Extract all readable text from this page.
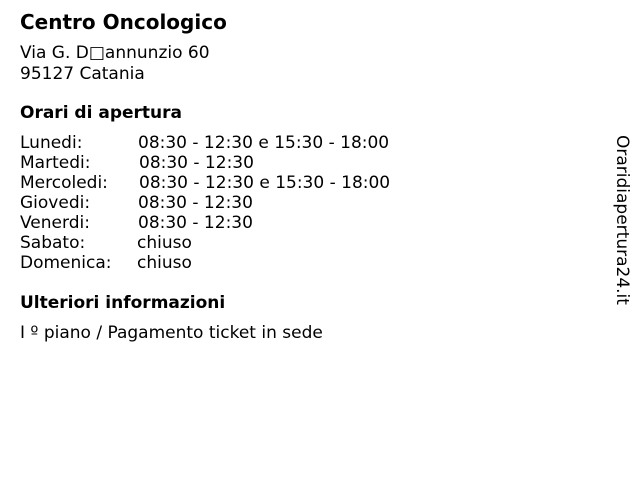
Centro Oncologico
Via G. D□annunzio 60
95127 Catania
Orari di apertura
Lunedi:	08:30 - 12:30 e 15:30 - 18:00
Martedi:	08:30 - 12:30
Mercoledi: 08:30 - 12:30 e 15:30 - 18:00
Giovedi:	08:30 - 12:30
Venerdi:	08:30 - 12:30
Sabato:	chiuso
Domenica: chiuso
Ulteriori informazioni
I º piano / Pagamento ticket in sede
Oraridiapertura24.it
